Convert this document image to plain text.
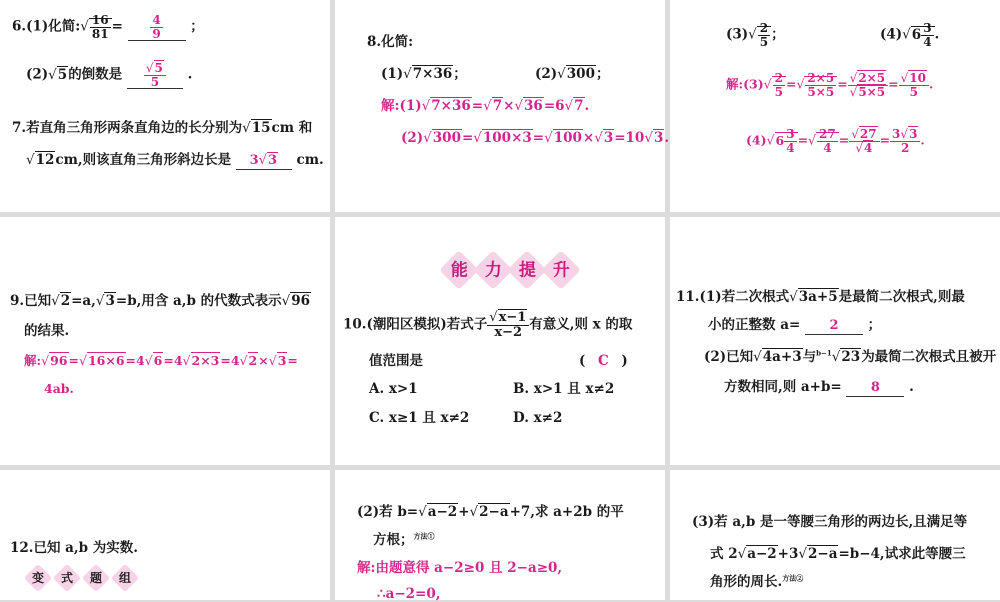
6.(1)化简:√ $\frac{16}{81} = \frac{4}{9}$ ；
(2)√5的倒数是 $\frac{√5}{5}$ .
7.若直角三角形两条直角边的长分别为√15cm 和
√12cm,则该直角三角形斜边长是 3√3 cm.
8.化简:
(1)√7×36；	(2)√300；
解:(1)√7×36=√7×√36=6√7.
(2)√300=√100×3=√100×√3=10√3.
$(3)√ \frac{2}{5}$ ；	$(4)√6 \frac{3}{4}$ .
解:(3)√ $\frac{2}{5}$ =√ $\frac{2\times 5}{5\times 5} = \frac{√2\times 5}{√5\times 5} = \frac{√10}{5}$ .
$(4)√6 \frac{3}{4}$ =√ $\frac{27}{4} = \frac{√27}{√4} = \frac{3√3}{2}$ .
9.已知√2=a,√3=b,用含 a,b 的代数式表示√96
的结果.
解:√96=√16×6=4√6=4√2×3=4√2×√3=
4ab.
10.(潮阳区模拟)若式子 $\frac{√x-1}{x-2}$ 有意义,则 x 的取
值范围是	( C )
A. x>1	B. x>1 且 x≠2
C. x≥1 且 x≠2	D. x≠2
能 力 提 升
11.(1)若二次根式√3a+5是最简二次根式,则最
小的正整数 a= 2 ；
(2)已知√4a+3与$^{b-1}$√23为最简二次根式且被开
方数相同,则 a+b= 8 .
12.已知 a,b 为实数.
变 式 题 组
(2)若 b=√a−2+√2−a+7,求 a+2b 的平
方根；$^{方法①}$
解:由题意得 a−2≥0 且 2−a≥0,
∴a−2=0,
(3)若 a,b 是一等腰三角形的两边长,且满足等
式 2√a−2+3√2−a=b−4,试求此等腰三
角形的周长.$^{方法②}$
